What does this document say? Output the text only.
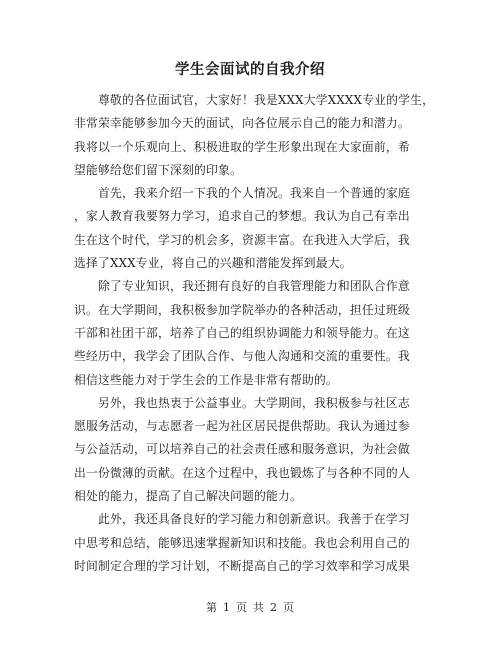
学生会面试的自我介绍

　　尊敬的各位面试官，大家好！我是XXX大学XXXX专业的学生，
非常荣幸能够参加今天的面试，向各位展示自己的能力和潜力。
我将以一个乐观向上、积极进取的学生形象出现在大家面前，希
望能够给您们留下深刻的印象。

　　首先，我来介绍一下我的个人情况。我来自一个普通的家庭
，家人教育我要努力学习，追求自己的梦想。我认为自己有幸出
生在这个时代，学习的机会多，资源丰富。在我进入大学后，我
选择了XXX专业，将自己的兴趣和潜能发挥到最大。

　　除了专业知识，我还拥有良好的自我管理能力和团队合作意
识。在大学期间，我积极参加学院举办的各种活动，担任过班级
干部和社团干部，培养了自己的组织协调能力和领导能力。在这
些经历中，我学会了团队合作、与他人沟通和交流的重要性。我
相信这些能力对于学生会的工作是非常有帮助的。

　　另外，我也热衷于公益事业。大学期间，我积极参与社区志
愿服务活动，与志愿者一起为社区居民提供帮助。我认为通过参
与公益活动，可以培养自己的社会责任感和服务意识，为社会做
出一份微薄的贡献。在这个过程中，我也锻炼了与各种不同的人
相处的能力，提高了自己解决问题的能力。

　　此外，我还具备良好的学习能力和创新意识。我善于在学习
中思考和总结，能够迅速掌握新知识和技能。我也会利用自己的
时间制定合理的学习计划，不断提高自己的学习效率和学习成果

第 1 页 共 2 页
